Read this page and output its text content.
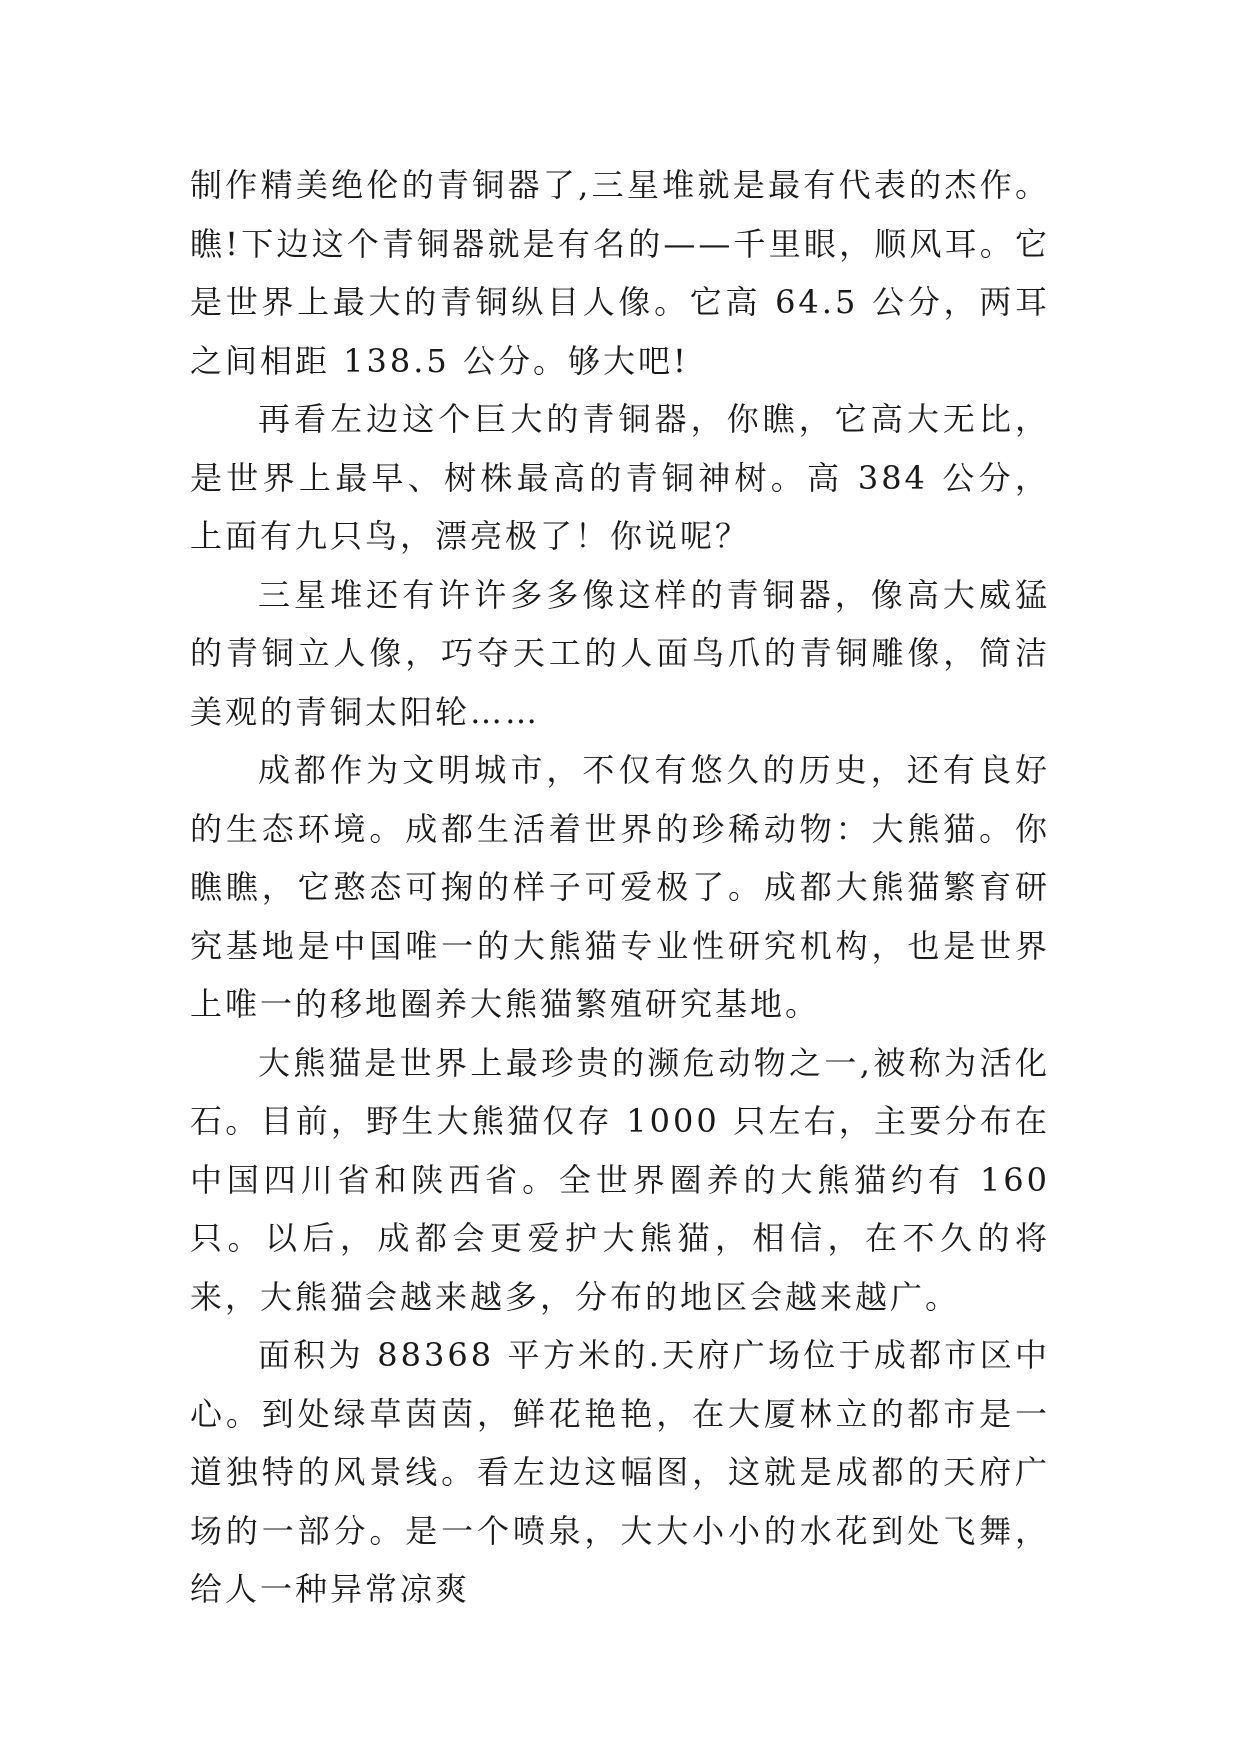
制作精美绝伦的青铜器了,三星堆就是最有代表的杰作。瞧!下边这个青铜器就是有名的——千里眼，顺风耳。它是世界上最大的青铜纵目人像。它高 64.5 公分，两耳之间相距 138.5 公分。够大吧!

再看左边这个巨大的青铜器，你瞧，它高大无比，是世界上最早、树株最高的青铜神树。高 384 公分，上面有九只鸟，漂亮极了！你说呢？

三星堆还有许许多多像这样的青铜器，像高大威猛的青铜立人像，巧夺天工的人面鸟爪的青铜雕像，简洁美观的青铜太阳轮……

成都作为文明城市，不仅有悠久的历史，还有良好的生态环境。成都生活着世界的珍稀动物：大熊猫。你瞧瞧，它憨态可掬的样子可爱极了。成都大熊猫繁育研究基地是中国唯一的大熊猫专业性研究机构，也是世界上唯一的移地圈养大熊猫繁殖研究基地。

大熊猫是世界上最珍贵的濒危动物之一,被称为活化石。目前，野生大熊猫仅存 1000 只左右，主要分布在中国四川省和陕西省。全世界圈养的大熊猫约有 160 只。以后，成都会更爱护大熊猫，相信，在不久的将来，大熊猫会越来越多，分布的地区会越来越广。

面积为 88368 平方米的.天府广场位于成都市区中心。到处绿草茵茵，鲜花艳艳，在大厦林立的都市是一道独特的风景线。看左边这幅图，这就是成都的天府广场的一部分。是一个喷泉，大大小小的水花到处飞舞，给人一种异常凉爽
